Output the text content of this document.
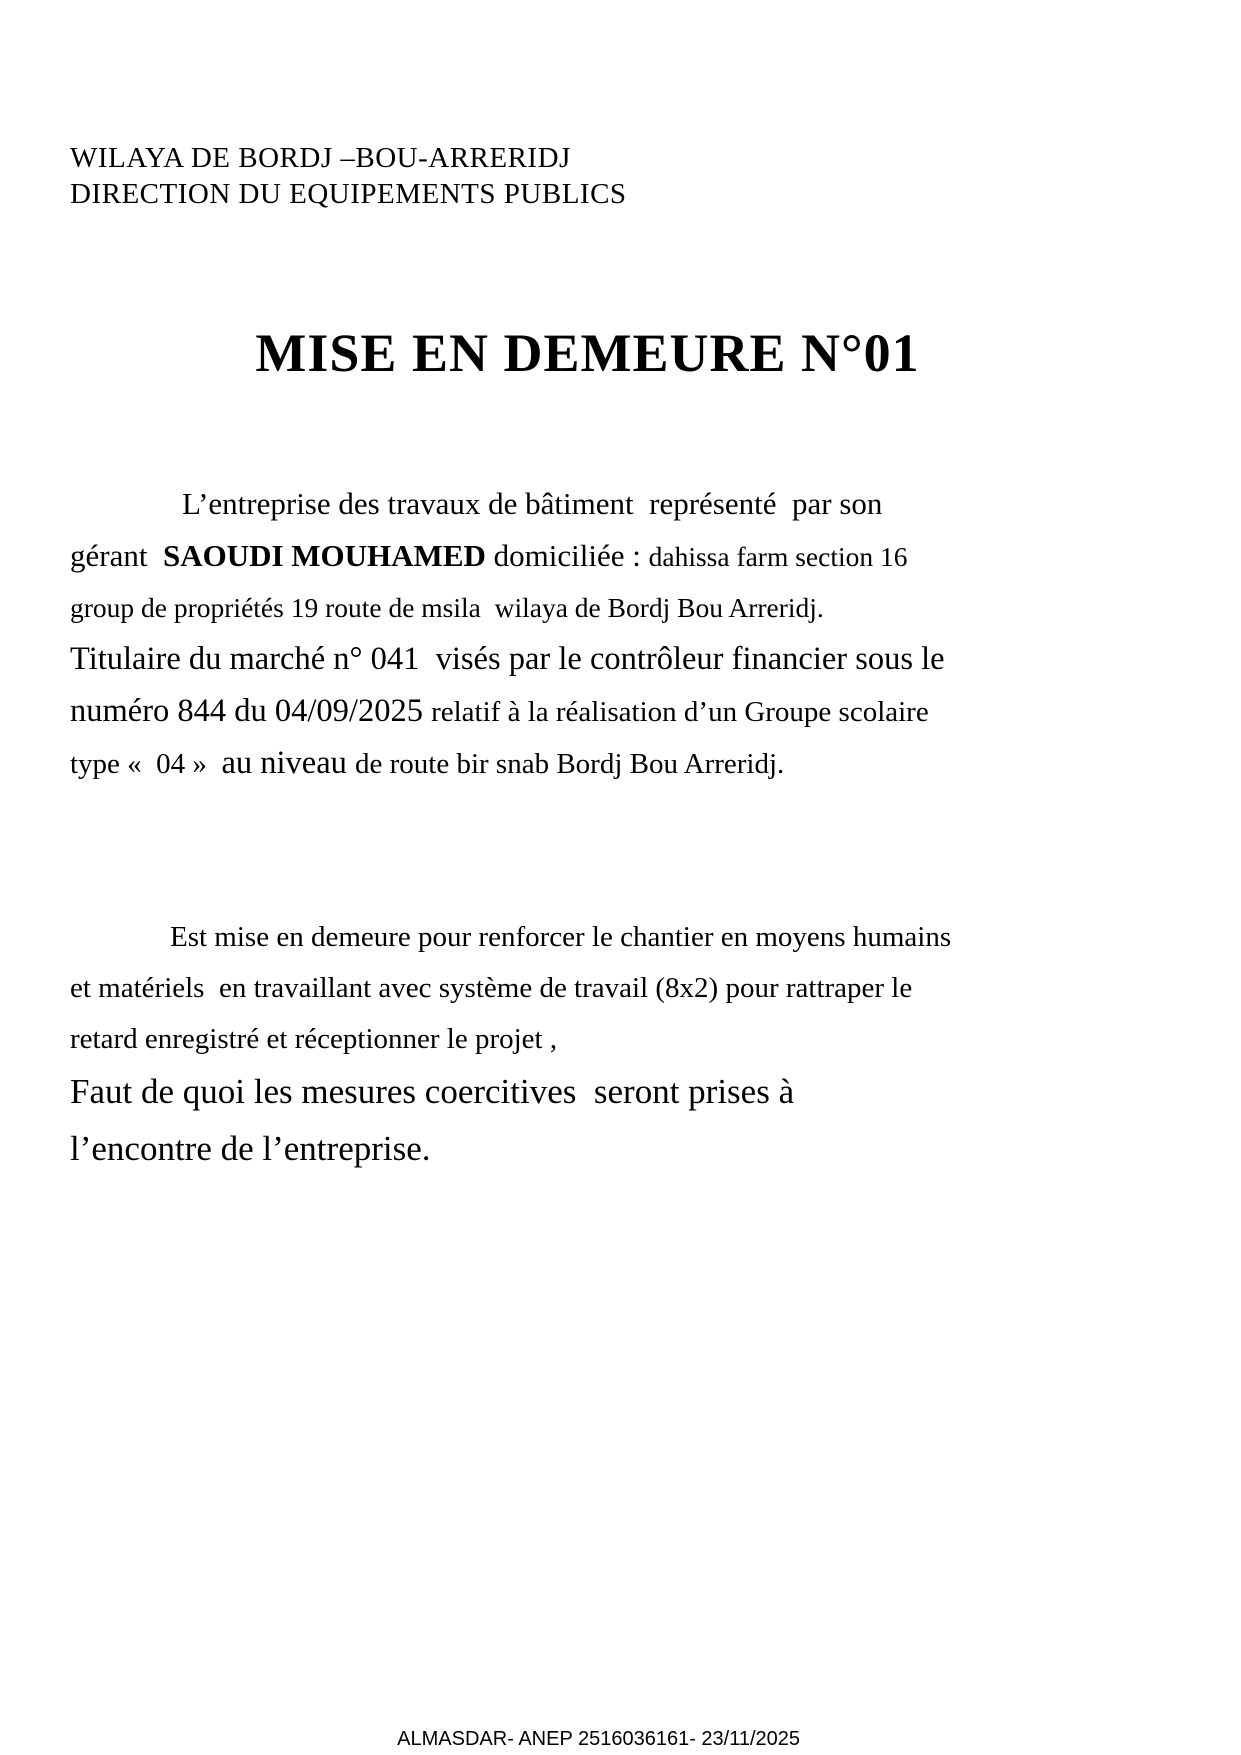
WILAYA DE BORDJ –BOU-ARRERIDJ
DIRECTION DU EQUIPEMENTS PUBLICS
MISE EN DEMEURE N°01
L’entreprise des travaux de bâtiment  représenté  par son
gérant  SAOUDI MOUHAMED domiciliée : dahissa farm section 16
group de propriétés 19 route de msila  wilaya de Bordj Bou Arreridj.
Titulaire du marché n° 041  visés par le contrôleur financier sous le
numéro 844 du 04/09/2025 relatif à la réalisation d’un Groupe scolaire
type «  04 »  au niveau de route bir snab Bordj Bou Arreridj.
Est mise en demeure pour renforcer le chantier en moyens humains
et matériels  en travaillant avec système de travail (8x2) pour rattraper le
retard enregistré et réceptionner le projet ,
Faut de quoi les mesures coercitives  seront prises à
l’encontre de l’entreprise.

ALMASDAR- ANEP 2516036161- 23/11/2025
